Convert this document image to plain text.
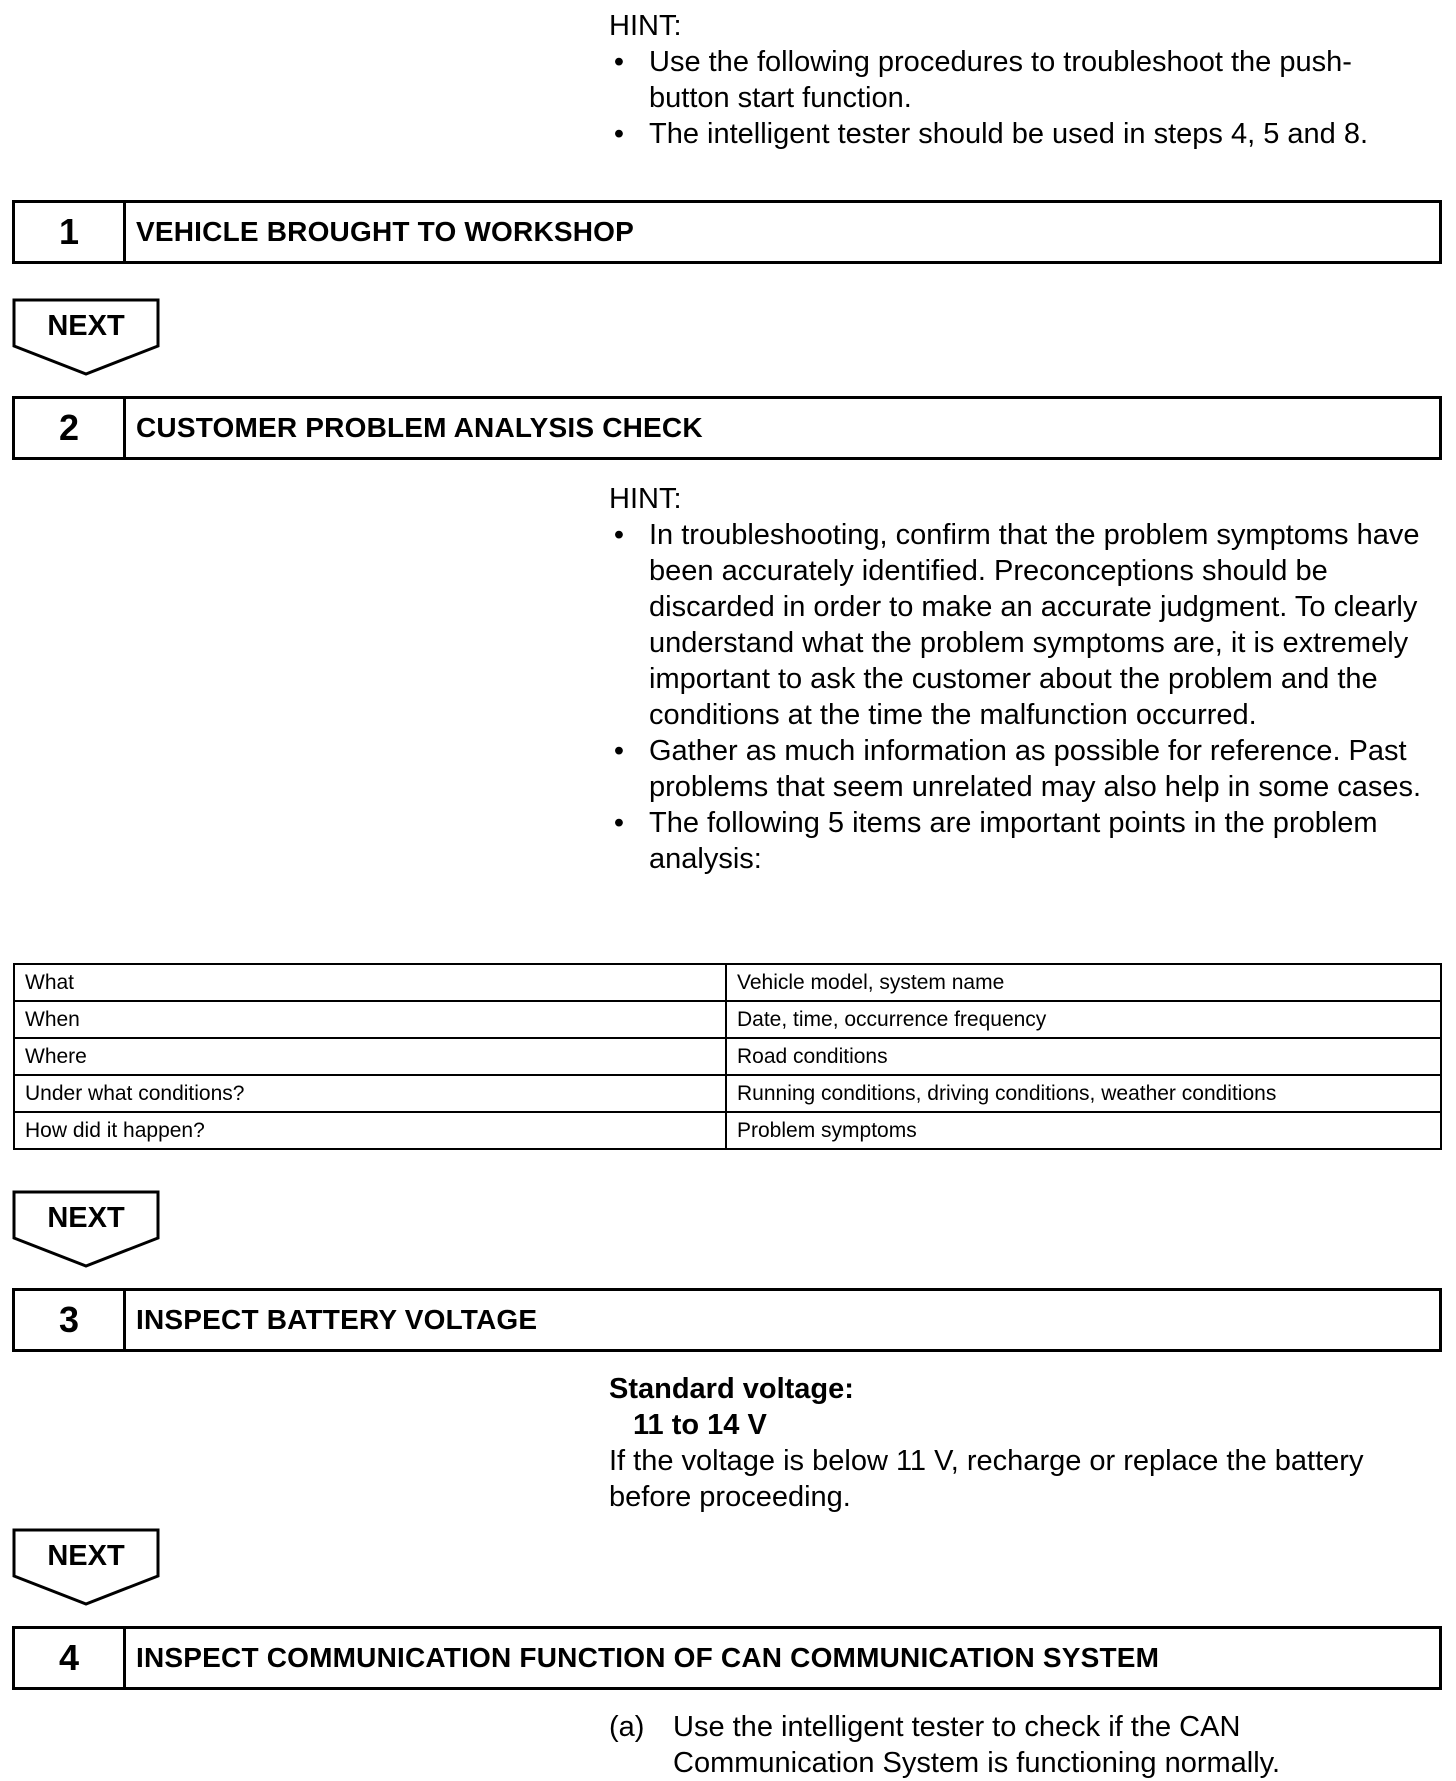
HINT:
• Use the following procedures to troubleshoot the push-button start function.
• The intelligent tester should be used in steps 4, 5 and 8.
1	VEHICLE BROUGHT TO WORKSHOP
NEXT
2	CUSTOMER PROBLEM ANALYSIS CHECK
HINT:
• In troubleshooting, confirm that the problem symptoms have been accurately identified. Preconceptions should be discarded in order to make an accurate judgment. To clearly understand what the problem symptoms are, it is extremely important to ask the customer about the problem and the conditions at the time the malfunction occurred.
• Gather as much information as possible for reference. Past problems that seem unrelated may also help in some cases.
• The following 5 items are important points in the problem analysis:
What	Vehicle model, system name
When	Date, time, occurrence frequency
Where	Road conditions
Under what conditions?	Running conditions, driving conditions, weather conditions
How did it happen?	Problem symptoms
NEXT
3	INSPECT BATTERY VOLTAGE
Standard voltage:
11 to 14 V
If the voltage is below 11 V, recharge or replace the battery before proceeding.
NEXT
4	INSPECT COMMUNICATION FUNCTION OF CAN COMMUNICATION SYSTEM
(a) Use the intelligent tester to check if the CAN Communication System is functioning normally.
